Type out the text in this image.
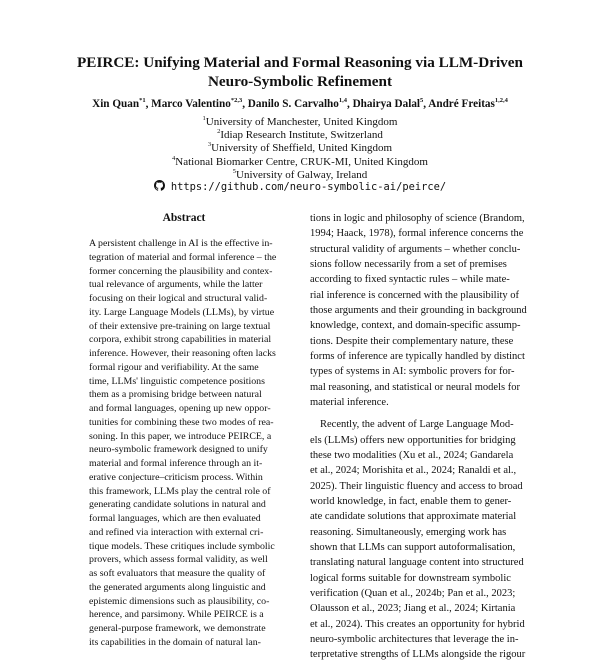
PEIRCE: Unifying Material and Formal Reasoning via LLM-Driven
Neuro-Symbolic Refinement
Xin Quan$^{*1}$, Marco Valentino$^{*2,3}$, Danilo S. Carvalho$^{1,4}$, Dhairya Dalal$^5$, André Freitas$^{1,2,4}$
$^1$University of Manchester, United Kingdom
$^2$Idiap Research Institute, Switzerland
$^3$University of Sheffield, United Kingdom
$^4$National Biomarker Centre, CRUK-MI, United Kingdom
$^5$University of Galway, Ireland
https://github.com/neuro-symbolic-ai/peirce/
Abstract
A persistent challenge in AI is the effective in-
tegration of material and formal inference – the
former concerning the plausibility and contex-
tual relevance of arguments, while the latter
focusing on their logical and structural valid-
ity. Large Language Models (LLMs), by virtue
of their extensive pre-training on large textual
corpora, exhibit strong capabilities in material
inference. However, their reasoning often lacks
formal rigour and verifiability. At the same
time, LLMs' linguistic competence positions
them as a promising bridge between natural
and formal languages, opening up new oppor-
tunities for combining these two modes of rea-
soning. In this paper, we introduce PEIRCE, a
neuro-symbolic framework designed to unify
material and formal inference through an it-
erative conjecture–criticism process. Within
this framework, LLMs play the central role of
generating candidate solutions in natural and
formal languages, which are then evaluated
and refined via interaction with external cri-
tique models. These critiques include symbolic
provers, which assess formal validity, as well
as soft evaluators that measure the quality of
the generated arguments along linguistic and
epistemic dimensions such as plausibility, co-
herence, and parsimony. While PEIRCE is a
general-purpose framework, we demonstrate
its capabilities in the domain of natural lan-
tions in logic and philosophy of science (Brandom,
1994; Haack, 1978), formal inference concerns the
structural validity of arguments – whether conclu-
sions follow necessarily from a set of premises
according to fixed syntactic rules – while mate-
rial inference is concerned with the plausibility of
those arguments and their grounding in background
knowledge, context, and domain-specific assump-
tions. Despite their complementary nature, these
forms of inference are typically handled by distinct
types of systems in AI: symbolic provers for for-
mal reasoning, and statistical or neural models for
material inference.
Recently, the advent of Large Language Mod-
els (LLMs) offers new opportunities for bridging
these two modalities (Xu et al., 2024; Gandarela
et al., 2024; Morishita et al., 2024; Ranaldi et al.,
2025). Their linguistic fluency and access to broad
world knowledge, in fact, enable them to gener-
ate candidate solutions that approximate material
reasoning. Simultaneously, emerging work has
shown that LLMs can support autoformalisation,
translating natural language content into structured
logical forms suitable for downstream symbolic
verification (Quan et al., 2024b; Pan et al., 2023;
Olausson et al., 2023; Jiang et al., 2024; Kirtania
et al., 2024). This creates an opportunity for hybrid
neuro-symbolic architectures that leverage the in-
terpretative strengths of LLMs alongside the rigour
